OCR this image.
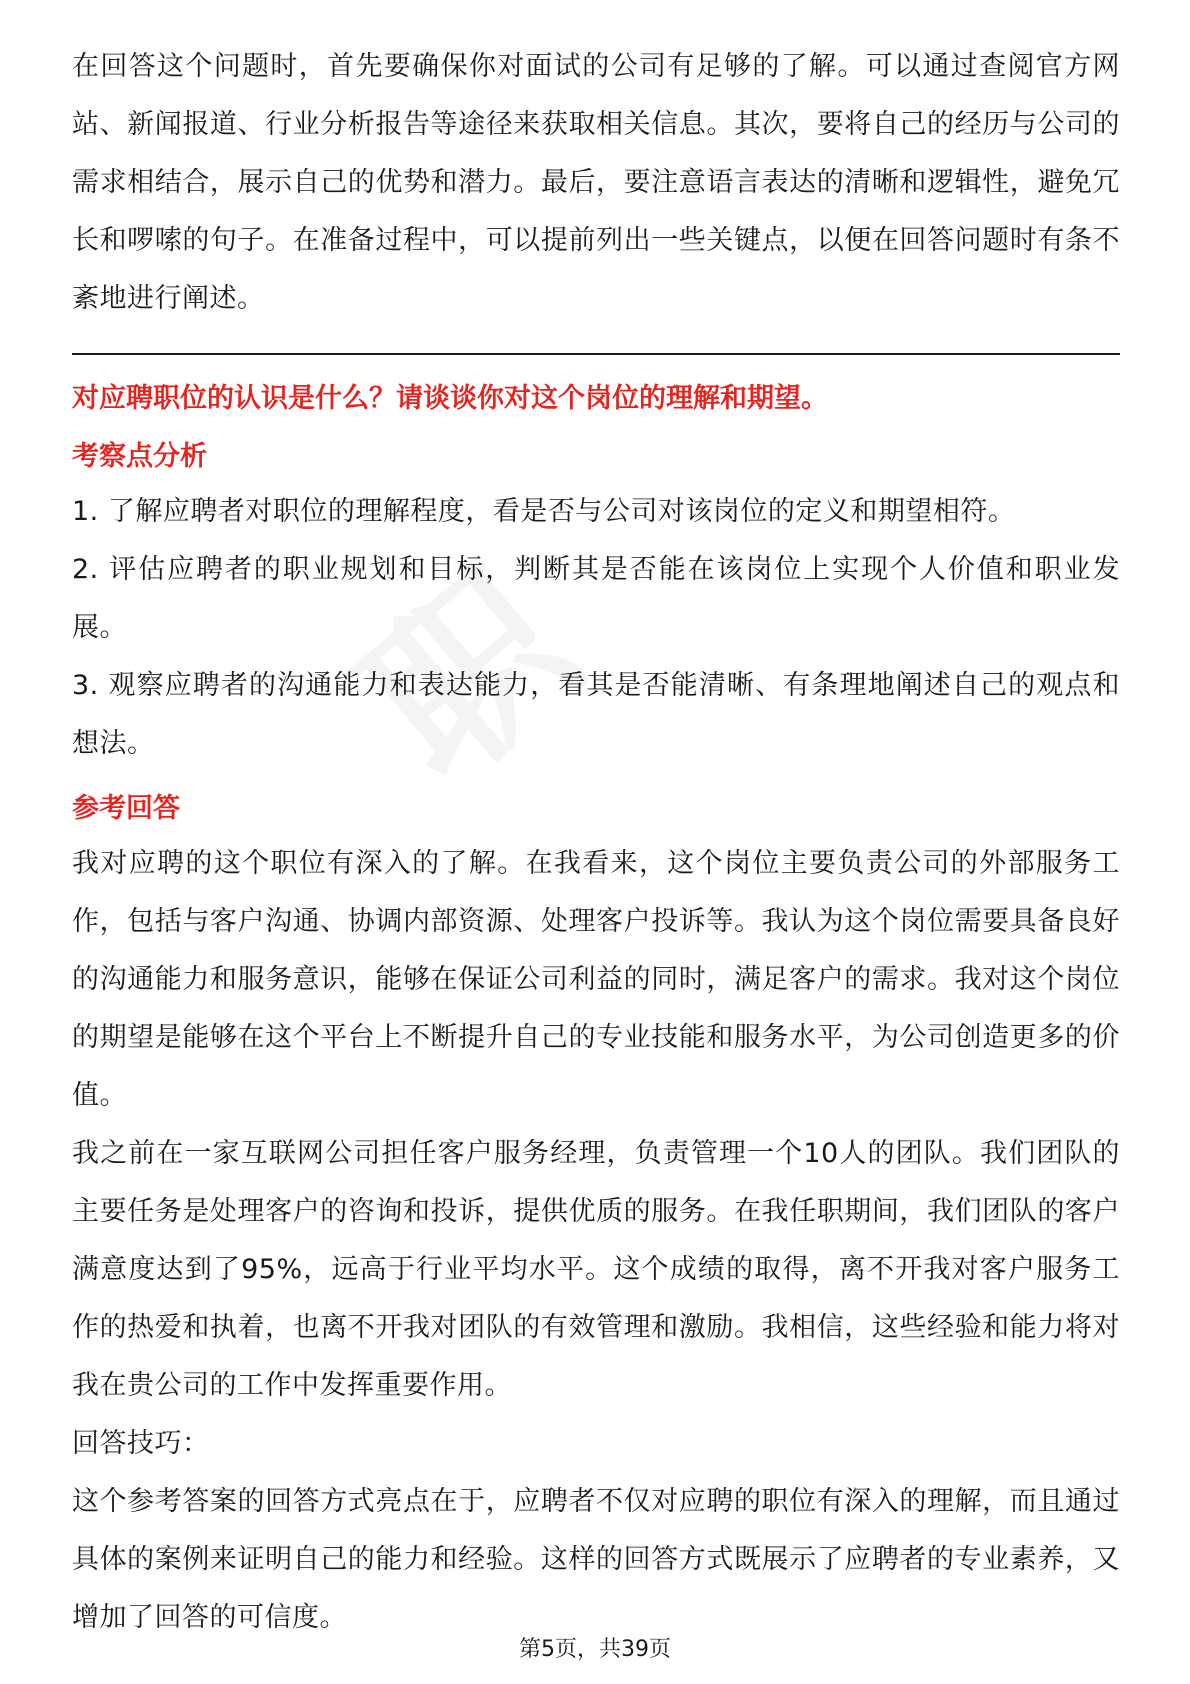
在回答这个问题时，首先要确保你对面试的公司有足够的了解。可以通过查阅官方网站、新闻报道、行业分析报告等途径来获取相关信息。其次，要将自己的经历与公司的需求相结合，展示自己的优势和潜力。最后，要注意语言表达的清晰和逻辑性，避免冗长和啰嗦的句子。在准备过程中，可以提前列出一些关键点，以便在回答问题时有条不紊地进行阐述。

对应聘职位的认识是什么？请谈谈你对这个岗位的理解和期望。

考察点分析

1. 了解应聘者对职位的理解程度，看是否与公司对该岗位的定义和期望相符。

2. 评估应聘者的职业规划和目标，判断其是否能在该岗位上实现个人价值和职业发展。

3. 观察应聘者的沟通能力和表达能力，看其是否能清晰、有条理地阐述自己的观点和想法。

参考回答

我对应聘的这个职位有深入的了解。在我看来，这个岗位主要负责公司的外部服务工作，包括与客户沟通、协调内部资源、处理客户投诉等。我认为这个岗位需要具备良好的沟通能力和服务意识，能够在保证公司利益的同时，满足客户的需求。我对这个岗位的期望是能够在这个平台上不断提升自己的专业技能和服务水平，为公司创造更多的价值。

我之前在一家互联网公司担任客户服务经理，负责管理一个10人的团队。我们团队的主要任务是处理客户的咨询和投诉，提供优质的服务。在我任职期间，我们团队的客户满意度达到了95%，远高于行业平均水平。这个成绩的取得，离不开我对客户服务工作的热爱和执着，也离不开我对团队的有效管理和激励。我相信，这些经验和能力将对我在贵公司的工作中发挥重要作用。

回答技巧：

这个参考答案的回答方式亮点在于，应聘者不仅对应聘的职位有深入的理解，而且通过具体的案例来证明自己的能力和经验。这样的回答方式既展示了应聘者的专业素养，又增加了回答的可信度。

第5页，共39页
